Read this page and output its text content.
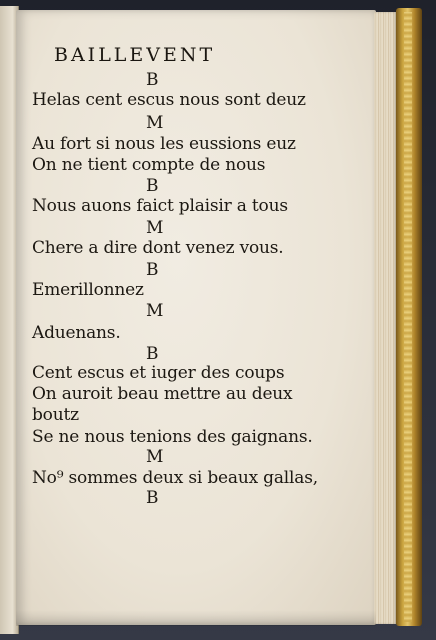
BAILLEVENT
B
Helas cent escus nous sont deuz
M
Au fort si nous les eussions euz
On ne tient compte de nous
B
Nous auons faict plaisir a tous
M
Chere a dire dont venez vous.
B
Emerillonnez
M
Aduenans.
B
Cent escus et iuger des coups
On auroit beau mettre au deux
boutz
Se ne nous tenions des gaignans.
M
No⁹ sommes deux si beaux gallas,
B
